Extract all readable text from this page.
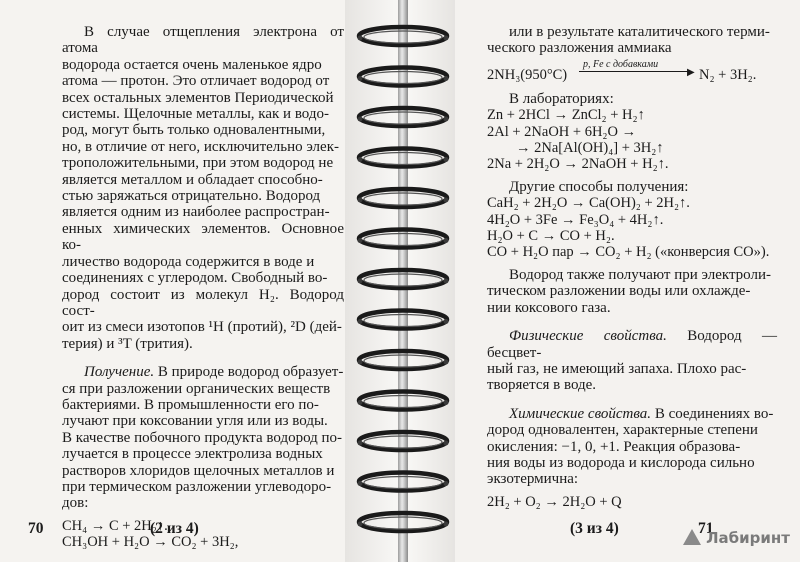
В случае отщепления электрона от атома
водорода остается очень маленькое ядро
атома — протон. Это отличает водород от
всех остальных элементов Периодической
системы. Щелочные металлы, как и водо-
род, могут быть только одновалентными,
но, в отличие от него, исключительно элек-
троположительными, при этом водород не
является металлом и обладает способно-
стью заряжаться отрицательно. Водород
является одним из наиболее распростран-
енных химических элементов. Основное ко-
личество водорода содержится в воде и
соединениях с углеродом. Свободный во-
дород состоит из молекул H₂. Водород сост-
оит из смеси изотопов ¹H (протий), ²D (дей-
терия) и ³T (трития).

Получение. В природе водород образует-
ся при разложении органических веществ
бактериями. В промышленности его по-
лучают при коксовании угля или из воды.
В качестве побочного продукта водород по-
лучается в процессе электролиза водных
растворов хлоридов щелочных металлов и
при термическом разложении углеводоро-
дов:

CH₄ → C + 2H₂↑.

CH₃OH + H₂O → CO₂ + 3H₂,

70	(2 из 4)

или в результате каталитического терми-
ческого разложения аммиака

2NH₃(950°C)
p, Fe с добавками
▶ N₂ + 3H₂.

В лабораториях:

Zn + 2HCl → ZnCl₂ + H₂↑

2Al + 2NaOH + 6H₂O →

→ 2Na[Al(OH)₄] + 3H₂↑

2Na + 2H₂O → 2NaOH + H₂↑.

Другие способы получения:

CaH₂ + 2H₂O → Ca(OH)₂ + 2H₂↑.

4H₂O + 3Fe → Fe₃O₄ + 4H₂↑.

H₂O + C → CO + H₂.

CO + H₂O пар → CO₂ + H₂ («конверсия CO»).

Водород также получают при электроли-
тическом разложении воды или охлажде-
нии коксового газа.

Физические свойства. Водород — бесцвет-
ный газ, не имеющий запаха. Плохо рас-
творяется в воде.

Химические свойства. В соединениях во-
дород одновалентен, характерные степени
окисления: −1, 0, +1. Реакция образова-
ния воды из водорода и кислорода сильно
экзотермична:

2H₂ + O₂ → 2H₂O + Q

(3 из 4)	71
Лабиринт
